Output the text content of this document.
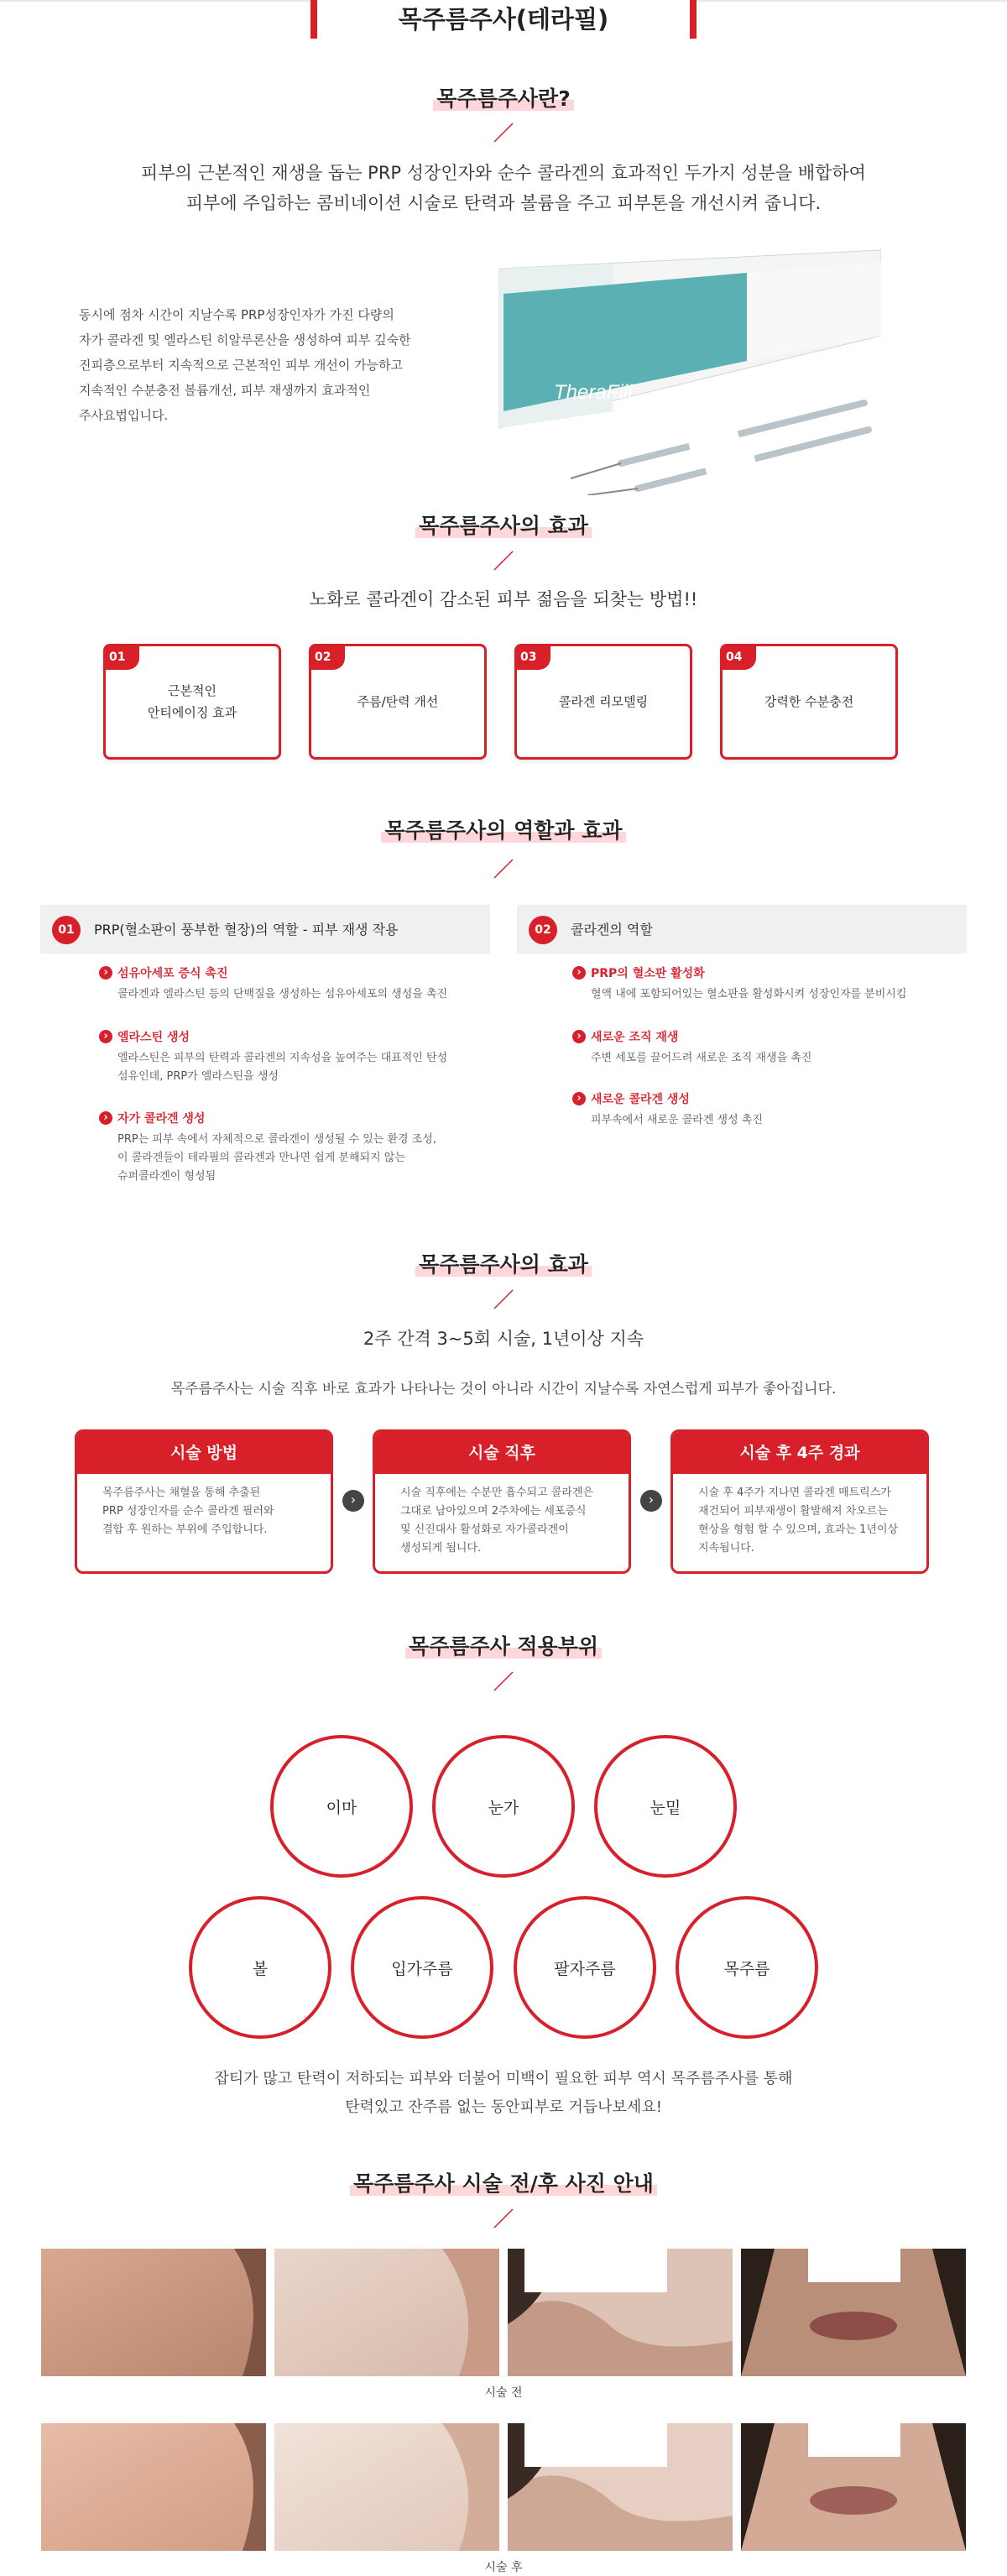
목주름주사(테라필)
목주름주사란?
피부의 근본적인 재생을 돕는 PRP 성장인자와 순수 콜라겐의 효과적인 두가지 성분을 배합하여
피부에 주입하는 콤비네이션 시술로 탄력과 볼륨을 주고 피부톤을 개선시켜 줍니다.
동시에 점차 시간이 지날수록 PRP성장인자가 가진 다량의
자가 콜라겐 및 엘라스틴 히알루론산을 생성하여 피부 깊숙한
진피층으로부터 지속적으로 근본적인 피부 개선이 가능하고
지속적인 수분충전 볼륨개선, 피부 재생까지 효과적인
주사요법입니다.
TheraFill
목주름주사의 효과
노화로 콜라겐이 감소된 피부 젊음을 되찾는 방법!!
01
근본적인
안티에이징 효과
02
주름/탄력 개선
03
콜라겐 리모델링
04
강력한 수분충전
목주름주사의 역할과 효과
01	PRP(혈소판이 풍부한 혈장)의 역할 - 피부 재생 작용	02	콜라겐의 역할
› 섬유아세포 증식 촉진
콜라겐과 엘라스틴 등의 단백질을 생성하는 섬유아세포의 생성을 촉진
› 엘라스틴 생성
엘라스틴은 피부의 탄력과 콜라겐의 지속성을 높여주는 대표적인 탄성
섬유인데, PRP가 엘라스틴을 생성
› 자가 콜라겐 생성
PRP는 피부 속에서 자체적으로 콜라겐이 생성될 수 있는 환경 조성,
이 콜라겐들이 테라필의 콜라겐과 만나면 쉽게 분해되지 않는
슈퍼콜라겐이 형성됨
› PRP의 혈소판 활성화
혈액 내에 포함되어있는 혈소판을 활성화시켜 성장인자를 분비시킴
› 새로운 조직 재생
주변 세포를 끌어드려 새로운 조직 재생을 촉진
› 새로운 콜라겐 생성
피부속에서 새로운 콜라겐 생성 촉진
목주름주사의 효과
2주 간격 3~5회 시술, 1년이상 지속
목주름주사는 시술 직후 바로 효과가 나타나는 것이 아니라 시간이 지날수록 자연스럽게 피부가 좋아집니다.
시술 방법
목주름주사는 채혈을 통해 추출된
PRP 성장인자를 순수 콜라겐 필러와
결합 후 원하는 부위에 주입합니다.
›
시술 직후
시술 직후에는 수분만 흡수되고 콜라겐은
그대로 남아있으며 2주차에는 세포증식
및 신진대사 활성화로 자가콜라겐이
생성되게 됩니다.
›
시술 후 4주 경과
시술 후 4주가 지나면 콜라겐 매트릭스가
재건되어 피부재생이 활발해져 차오르는
현상을 형험 할 수 있으며, 효과는 1년이상
지속됩니다.
목주름주사 적용부위
이마	눈가	눈밑
볼	입가주름	팔자주름	목주름
잡티가 많고 탄력이 저하되는 피부와 더불어 미백이 필요한 피부 역시 목주름주사를 통해
탄력있고 잔주름 없는 동안피부로 거듭나보세요!
목주름주사 시술 전/후 사진 안내
시술 전
시술 후
